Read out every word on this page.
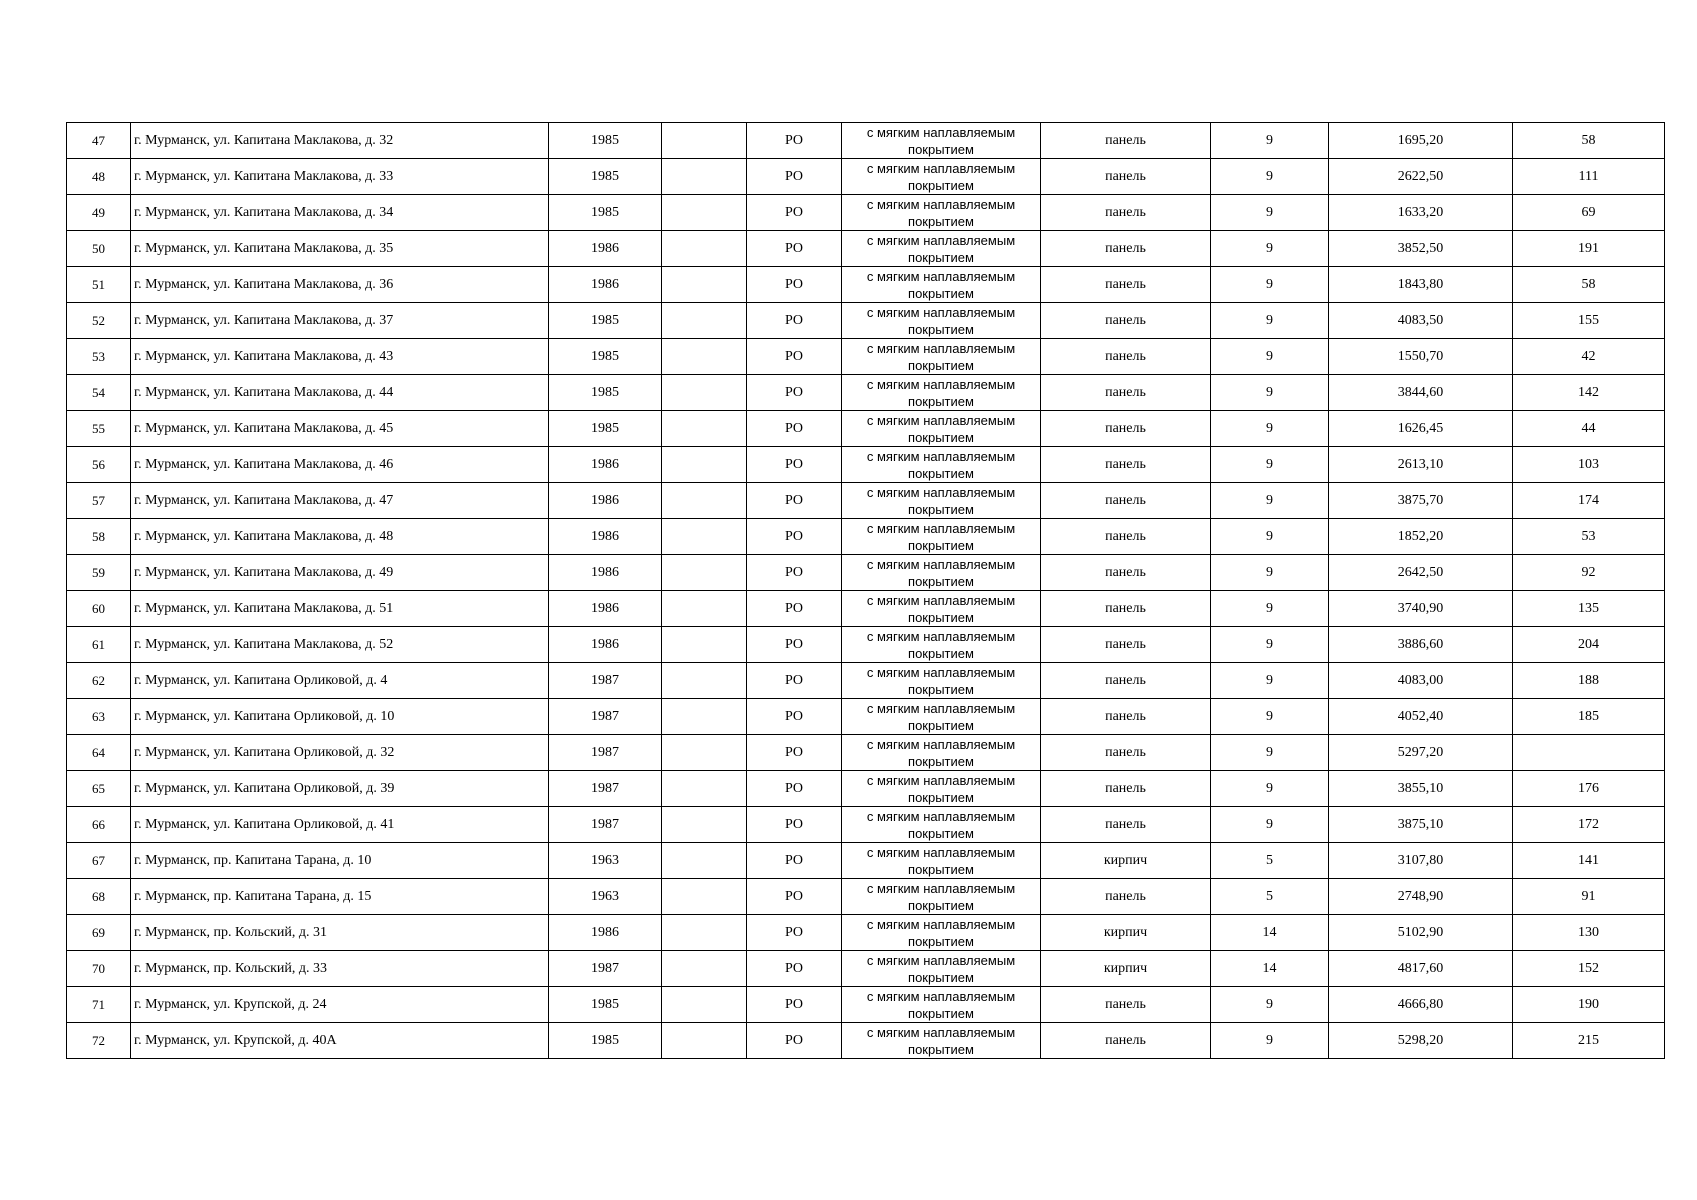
47	г. Мурманск, ул. Капитана Маклакова, д. 32	1985		РО	с мягким наплавляемым покрытием	панель	9	1695,20	58
48	г. Мурманск, ул. Капитана Маклакова, д. 33	1985		РО	с мягким наплавляемым покрытием	панель	9	2622,50	111
49	г. Мурманск, ул. Капитана Маклакова, д. 34	1985		РО	с мягким наплавляемым покрытием	панель	9	1633,20	69
50	г. Мурманск, ул. Капитана Маклакова, д. 35	1986		РО	с мягким наплавляемым покрытием	панель	9	3852,50	191
51	г. Мурманск, ул. Капитана Маклакова, д. 36	1986		РО	с мягким наплавляемым покрытием	панель	9	1843,80	58
52	г. Мурманск, ул. Капитана Маклакова, д. 37	1985		РО	с мягким наплавляемым покрытием	панель	9	4083,50	155
53	г. Мурманск, ул. Капитана Маклакова, д. 43	1985		РО	с мягким наплавляемым покрытием	панель	9	1550,70	42
54	г. Мурманск, ул. Капитана Маклакова, д. 44	1985		РО	с мягким наплавляемым покрытием	панель	9	3844,60	142
55	г. Мурманск, ул. Капитана Маклакова, д. 45	1985		РО	с мягким наплавляемым покрытием	панель	9	1626,45	44
56	г. Мурманск, ул. Капитана Маклакова, д. 46	1986		РО	с мягким наплавляемым покрытием	панель	9	2613,10	103
57	г. Мурманск, ул. Капитана Маклакова, д. 47	1986		РО	с мягким наплавляемым покрытием	панель	9	3875,70	174
58	г. Мурманск, ул. Капитана Маклакова, д. 48	1986		РО	с мягким наплавляемым покрытием	панель	9	1852,20	53
59	г. Мурманск, ул. Капитана Маклакова, д. 49	1986		РО	с мягким наплавляемым покрытием	панель	9	2642,50	92
60	г. Мурманск, ул. Капитана Маклакова, д. 51	1986		РО	с мягким наплавляемым покрытием	панель	9	3740,90	135
61	г. Мурманск, ул. Капитана Маклакова, д. 52	1986		РО	с мягким наплавляемым покрытием	панель	9	3886,60	204
62	г. Мурманск, ул. Капитана Орликовой, д. 4	1987		РО	с мягким наплавляемым покрытием	панель	9	4083,00	188
63	г. Мурманск, ул. Капитана Орликовой, д. 10	1987		РО	с мягким наплавляемым покрытием	панель	9	4052,40	185
64	г. Мурманск, ул. Капитана Орликовой, д. 32	1987		РО	с мягким наплавляемым покрытием	панель	9	5297,20	
65	г. Мурманск, ул. Капитана Орликовой, д. 39	1987		РО	с мягким наплавляемым покрытием	панель	9	3855,10	176
66	г. Мурманск, ул. Капитана Орликовой, д. 41	1987		РО	с мягким наплавляемым покрытием	панель	9	3875,10	172
67	г. Мурманск, пр. Капитана Тарана, д. 10	1963		РО	с мягким наплавляемым покрытием	кирпич	5	3107,80	141
68	г. Мурманск, пр. Капитана Тарана, д. 15	1963		РО	с мягким наплавляемым покрытием	панель	5	2748,90	91
69	г. Мурманск, пр. Кольский, д. 31	1986		РО	с мягким наплавляемым покрытием	кирпич	14	5102,90	130
70	г. Мурманск, пр. Кольский, д. 33	1987		РО	с мягким наплавляемым покрытием	кирпич	14	4817,60	152
71	г. Мурманск, ул. Крупской, д. 24	1985		РО	с мягким наплавляемым покрытием	панель	9	4666,80	190
72	г. Мурманск, ул. Крупской, д. 40А	1985		РО	с мягким наплавляемым покрытием	панель	9	5298,20	215
